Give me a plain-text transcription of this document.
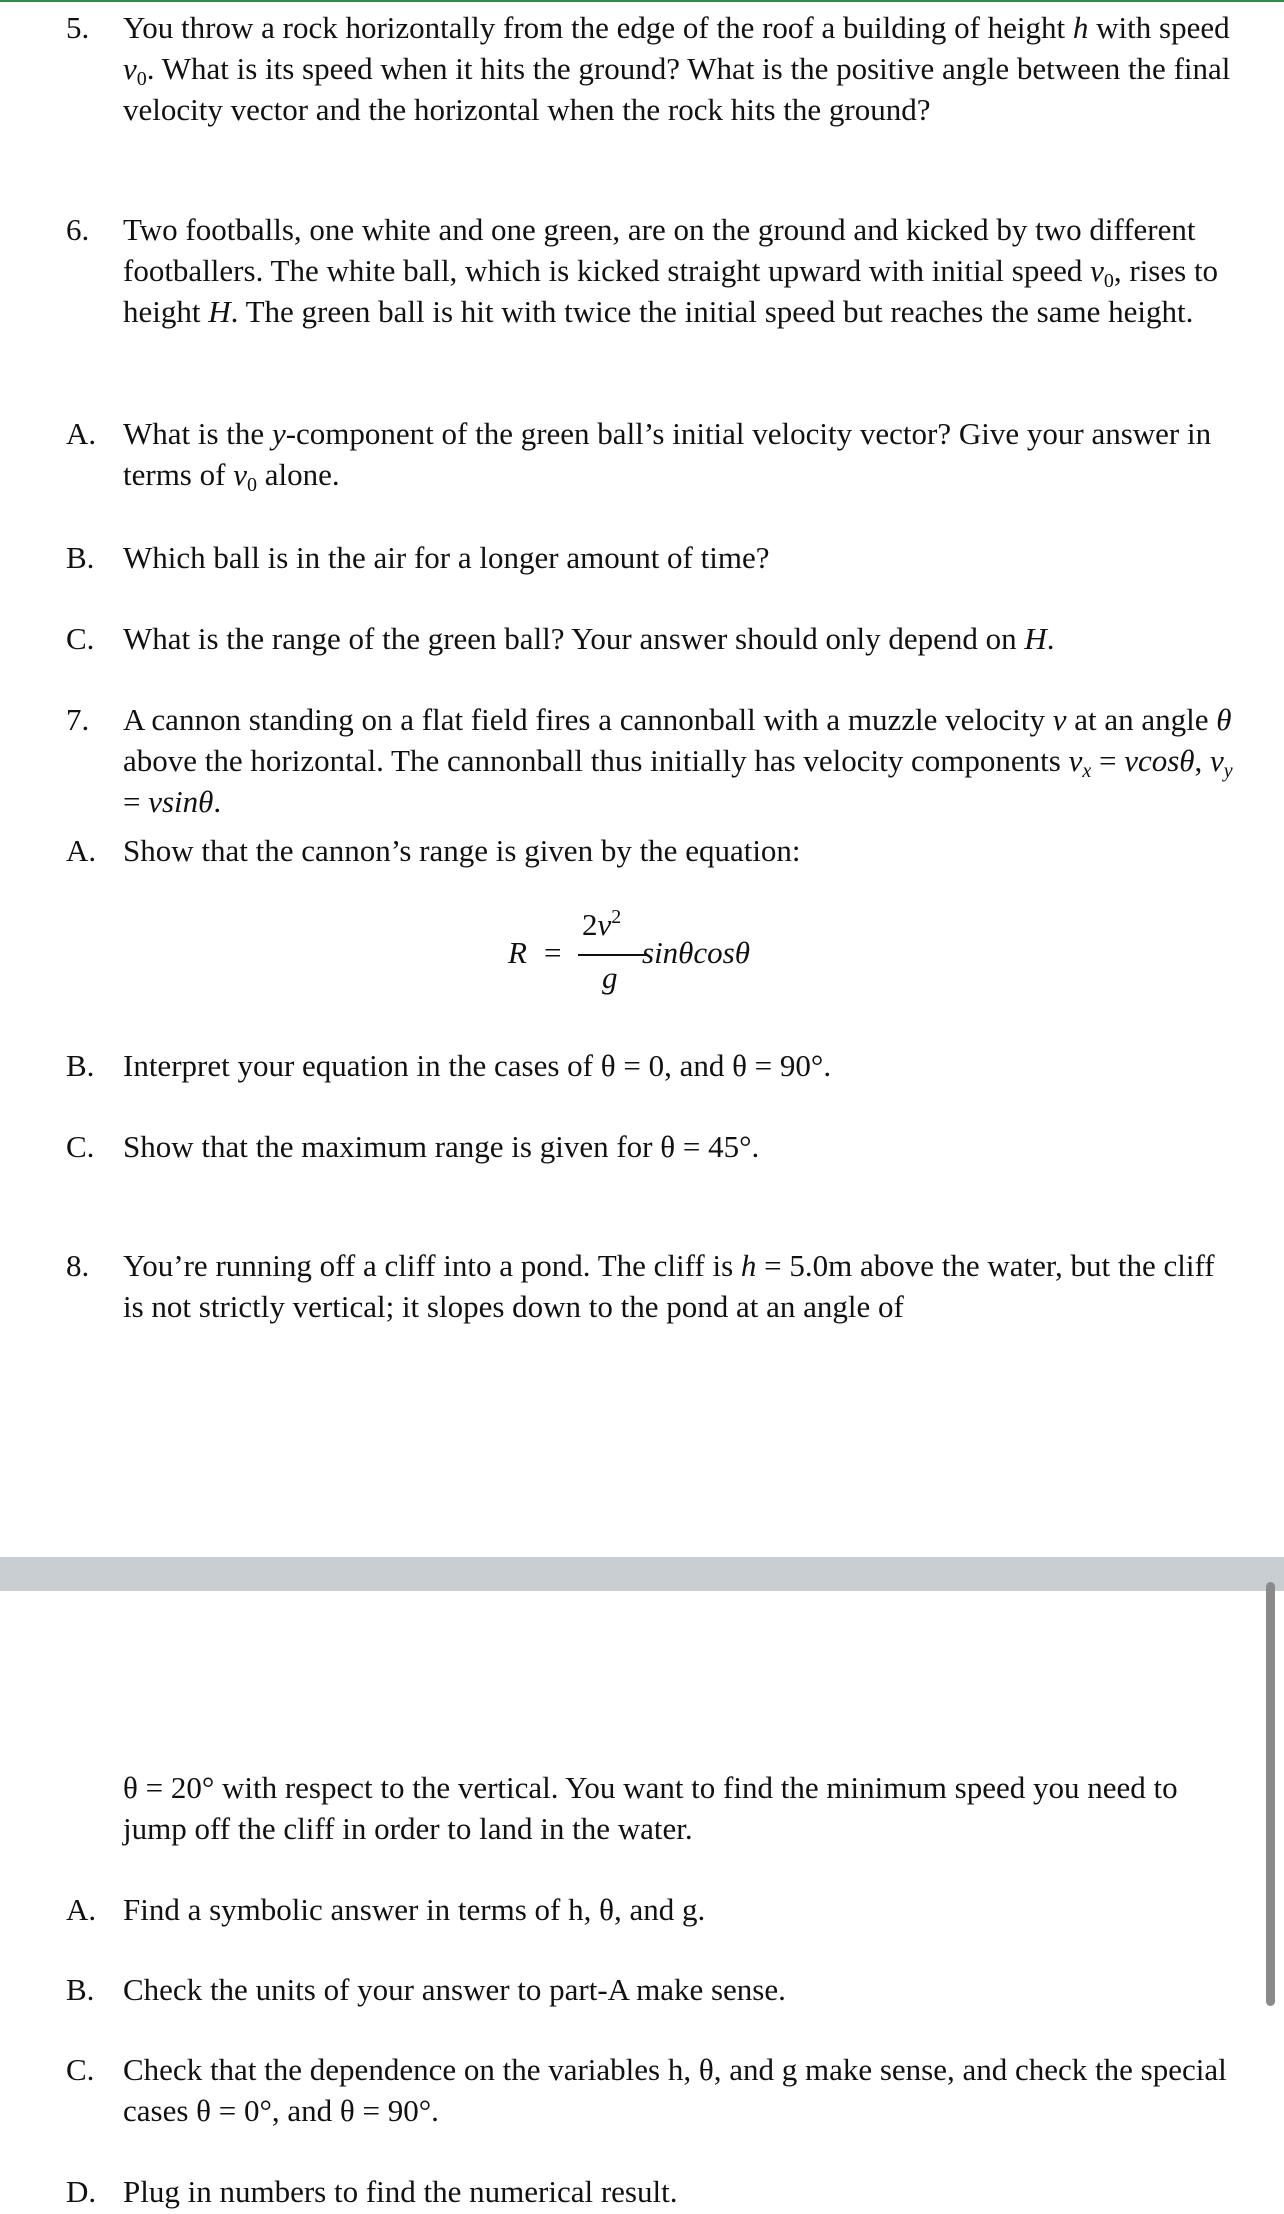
5.	You throw a rock horizontally from the edge of the roof a building of height h with speed $v_0$. What is its speed when it hits the ground? What is the positive angle between the final velocity vector and the horizontal when the rock hits the ground?
6.	Two footballs, one white and one green, are on the ground and kicked by two different footballers. The white ball, which is kicked straight upward with initial speed $v_0$, rises to height H. The green ball is hit with twice the initial speed but reaches the same height.
A. What is the y-component of the green ball’s initial velocity vector? Give your answer in terms of $v_0$ alone.
B. Which ball is in the air for a longer amount of time?
C. What is the range of the green ball? Your answer should only depend on H.
7.	A cannon standing on a flat field fires a cannonball with a muzzle velocity v at an angle θ above the horizontal. The cannonball thus initially has velocity components $v_x = vcos\theta$, $v_y = vsin\theta$.
A. Show that the cannon’s range is given by the equation:
R =
$2v^2$
g
sinθcosθ
B. Interpret your equation in the cases of θ = 0, and θ = 90°.
C. Show that the maximum range is given for θ = 45°.
8.	You’re running off a cliff into a pond. The cliff is h = 5.0m above the water, but the cliff is not strictly vertical; it slopes down to the pond at an angle of
θ = 20° with respect to the vertical. You want to find the minimum speed you need to jump off the cliff in order to land in the water.
A. Find a symbolic answer in terms of h, θ, and g.
B. Check the units of your answer to part-A make sense.
C. Check that the dependence on the variables h, θ, and g make sense, and check the special cases θ = 0°, and θ = 90°.
D. Plug in numbers to find the numerical result.
